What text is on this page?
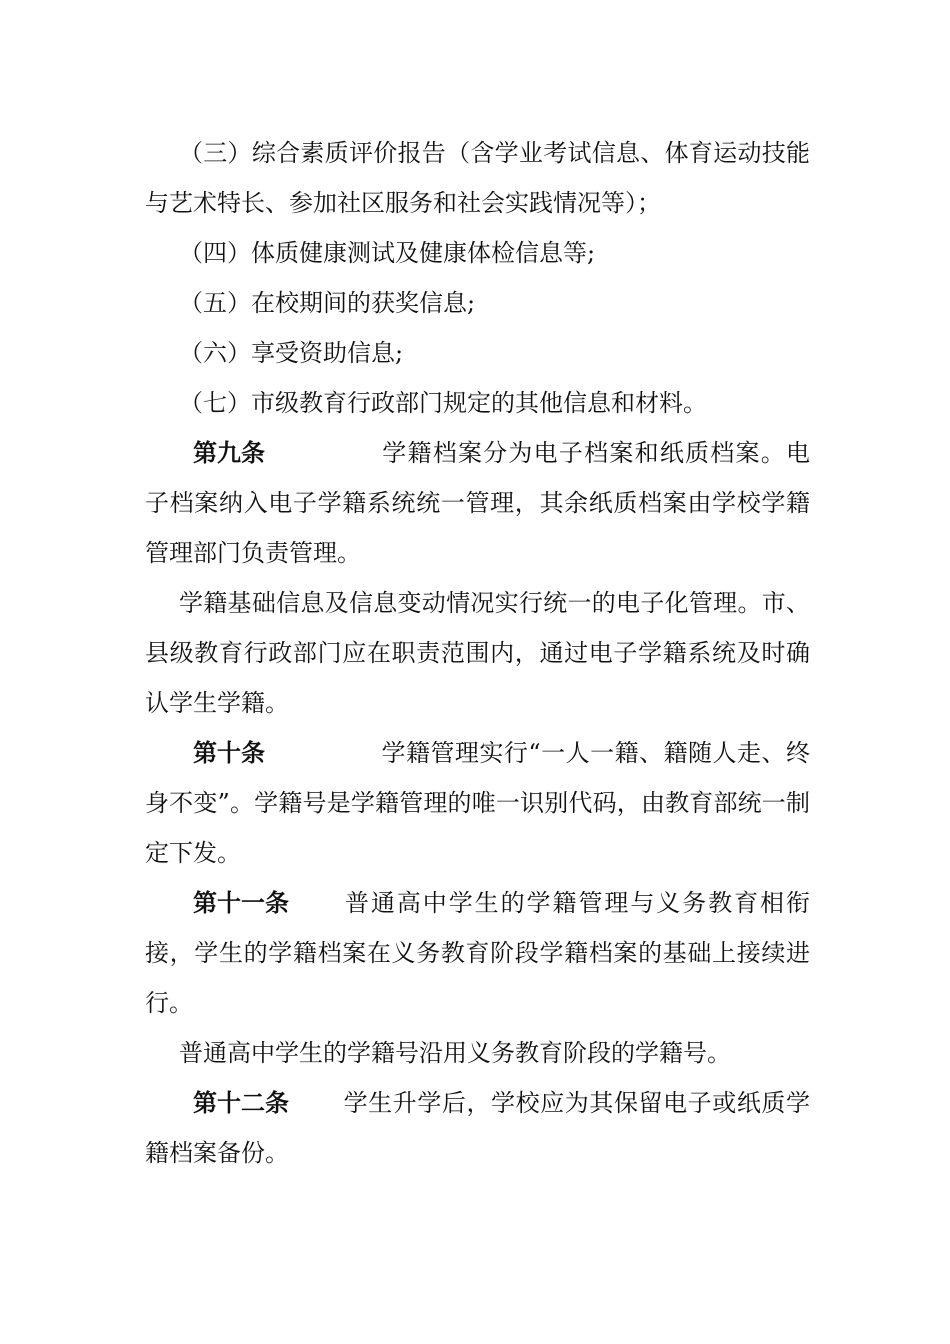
（三）综合素质评价报告（含学业考试信息、体育运动技能与艺术特长、参加社区服务和社会实践情况等）；

（四）体质健康测试及健康体检信息等;

（五）在校期间的获奖信息;

（六）享受资助信息;

（七）市级教育行政部门规定的其他信息和材料。

第九条	学籍档案分为电子档案和纸质档案。电子档案纳入电子学籍系统统一管理，其余纸质档案由学校学籍管理部门负责管理。

学籍基础信息及信息变动情况实行统一的电子化管理。市、县级教育行政部门应在职责范围内，通过电子学籍系统及时确认学生学籍。

第十条	学籍管理实行“一人一籍、籍随人走、终身不变”。学籍号是学籍管理的唯一识别代码，由教育部统一制定下发。

第十一条 普通高中学生的学籍管理与义务教育相衔接，学生的学籍档案在义务教育阶段学籍档案的基础上接续进行。

普通高中学生的学籍号沿用义务教育阶段的学籍号。

第十二条 学生升学后，学校应为其保留电子或纸质学籍档案备份。
